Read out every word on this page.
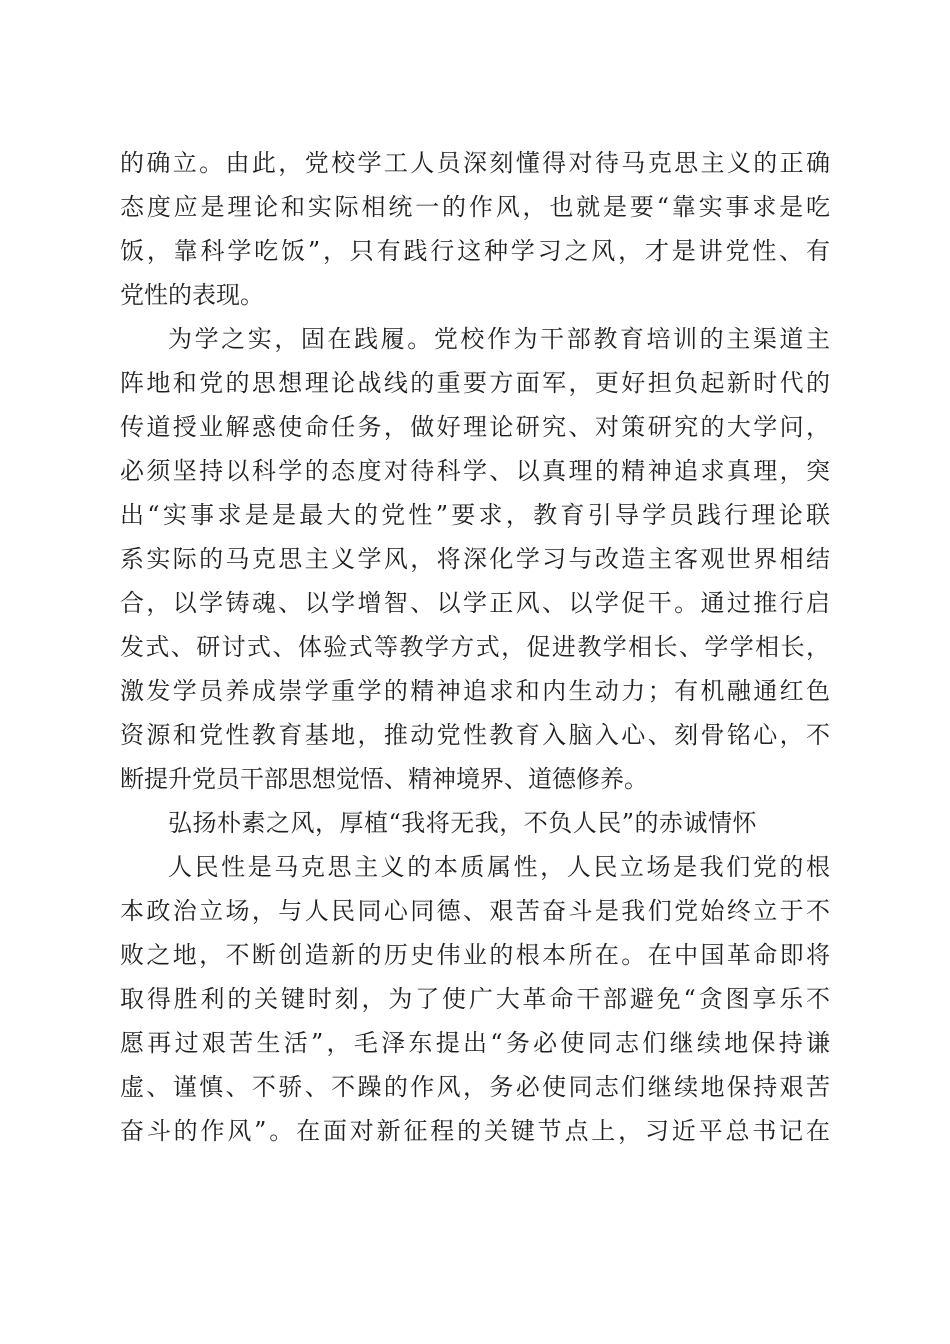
的确立。由此，党校学工人员深刻懂得对待马克思主义的正确
态度应是理论和实际相统一的作风，也就是要“靠实事求是吃
饭，靠科学吃饭”，只有践行这种学习之风，才是讲党性、有
党性的表现。
为学之实，固在践履。党校作为干部教育培训的主渠道主
阵地和党的思想理论战线的重要方面军，更好担负起新时代的
传道授业解惑使命任务，做好理论研究、对策研究的大学问，
必须坚持以科学的态度对待科学、以真理的精神追求真理，突
出“实事求是是最大的党性”要求，教育引导学员践行理论联
系实际的马克思主义学风，将深化学习与改造主客观世界相结
合，以学铸魂、以学增智、以学正风、以学促干。通过推行启
发式、研讨式、体验式等教学方式，促进教学相长、学学相长，
激发学员养成崇学重学的精神追求和内生动力；有机融通红色
资源和党性教育基地，推动党性教育入脑入心、刻骨铭心，不
断提升党员干部思想觉悟、精神境界、道德修养。
弘扬朴素之风，厚植“我将无我，不负人民”的赤诚情怀
人民性是马克思主义的本质属性，人民立场是我们党的根
本政治立场，与人民同心同德、艰苦奋斗是我们党始终立于不
败之地，不断创造新的历史伟业的根本所在。在中国革命即将
取得胜利的关键时刻，为了使广大革命干部避免“贪图享乐不
愿再过艰苦生活”，毛泽东提出“务必使同志们继续地保持谦
虚、谨慎、不骄、不躁的作风，务必使同志们继续地保持艰苦
奋斗的作风”。在面对新征程的关键节点上，习近平总书记在
